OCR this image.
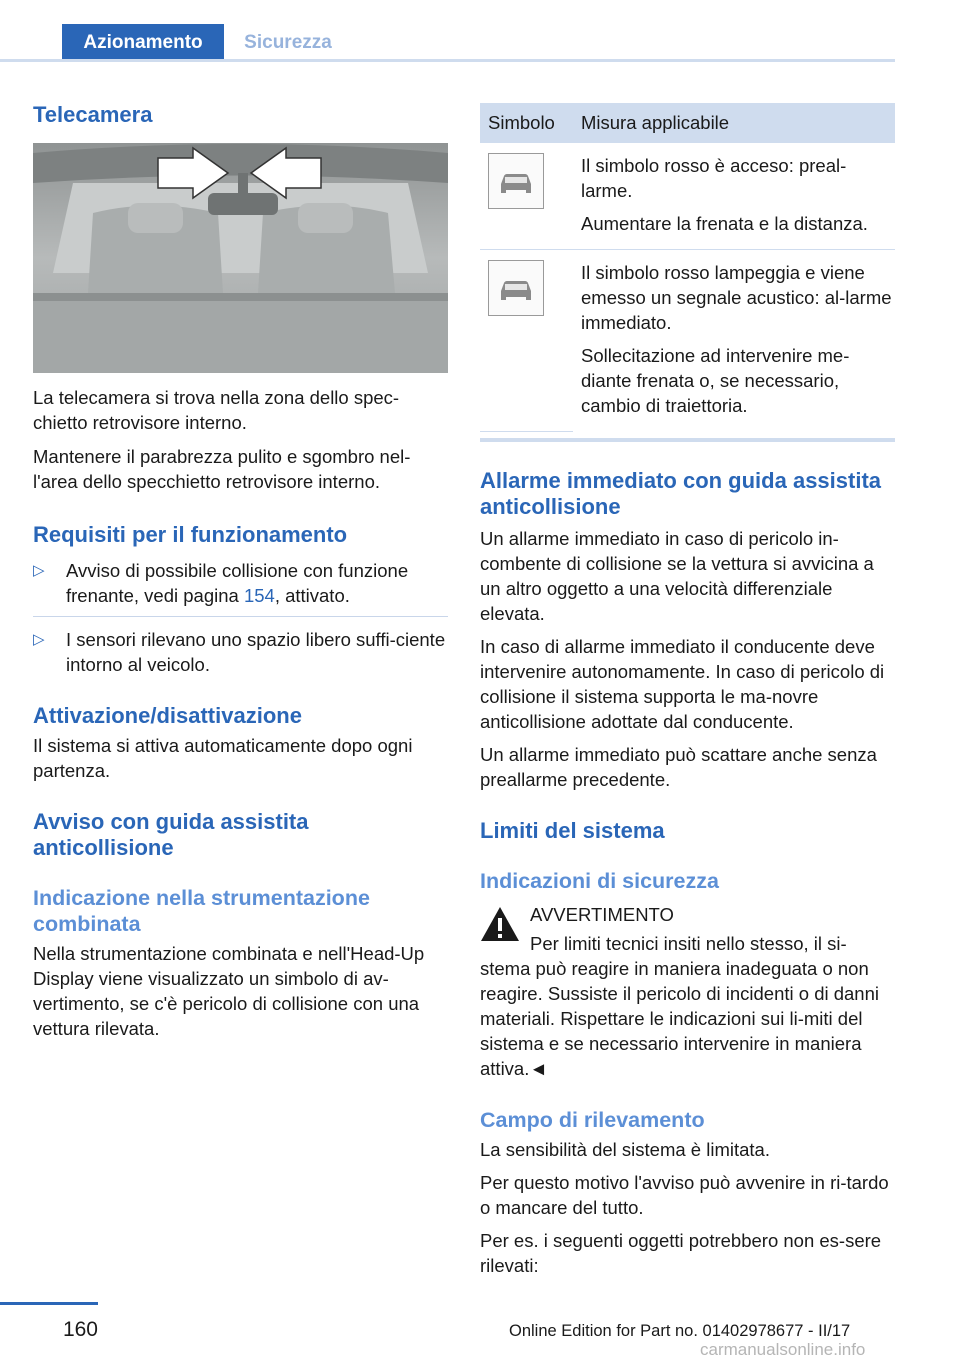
Azionamento	Sicurezza
Telecamera

La telecamera si trova nella zona dello spec-chietto retrovisore interno.

Mantenere il parabrezza pulito e sgombro nel-l'area dello specchietto retrovisore interno.

Requisiti per il funzionamento
▷ Avviso di possibile collisione con funzione frenante, vedi pagina 154, attivato.
▷ I sensori rilevano uno spazio libero suffi-ciente intorno al veicolo.
Attivazione/disattivazione

Il sistema si attiva automaticamente dopo ogni partenza.

Avviso con guida assistita anticollisione
Indicazione nella strumentazione combinata

Nella strumentazione combinata e nell'Head-Up Display viene visualizzato un simbolo di av-vertimento, se c'è pericolo di collisione con una vettura rilevata.

Simbolo	Misura applicabile

Il simbolo rosso è acceso: preal-larme.
Aumentare la frenata e la distanza.

Il simbolo rosso lampeggia e viene emesso un segnale acustico: al-larme immediato.
Sollecitazione ad intervenire me-diante frenata o, se necessario, cambio di traiettoria.
Allarme immediato con guida assistita anticollisione

Un allarme immediato in caso di pericolo in-combente di collisione se la vettura si avvicina a un altro oggetto a una velocità differenziale elevata.

In caso di allarme immediato il conducente deve intervenire autonomamente. In caso di pericolo di collisione il sistema supporta le ma-novre anticollisione adottate dal conducente.

Un allarme immediato può scattare anche senza preallarme precedente.

Limiti del sistema
Indicazioni di sicurezza

AVVERTIMENTO

Per limiti tecnici insiti nello stesso, il si-stema può reagire in maniera inadeguata o non reagire. Sussiste il pericolo di incidenti o di danni materiali. Rispettare le indicazioni sui li-miti del sistema e se necessario intervenire in maniera attiva.◄

Campo di rilevamento

La sensibilità del sistema è limitata.

Per questo motivo l'avviso può avvenire in ri-tardo o mancare del tutto.

Per es. i seguenti oggetti potrebbero non es-sere rilevati:

160	Online Edition for Part no. 01402978677 - II/17
carmanualsonline.info
